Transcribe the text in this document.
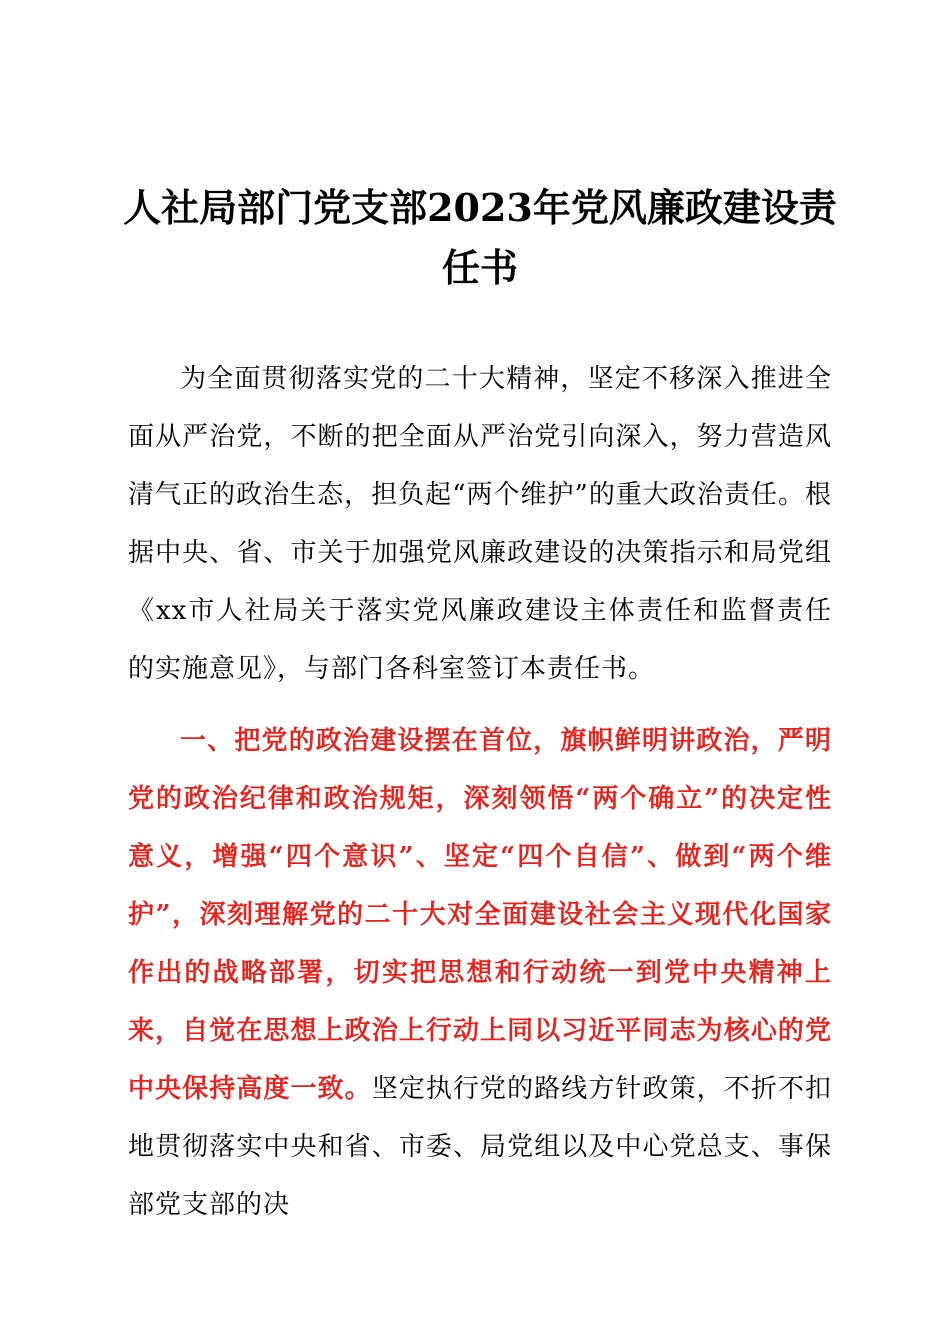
人社局部门党支部2023年党风廉政建设责任书

为全面贯彻落实党的二十大精神，坚定不移深入推进全面从严治党，不断的把全面从严治党引向深入，努力营造风清气正的政治生态，担负起“两个维护”的重大政治责任。根据中央、省、市关于加强党风廉政建设的决策指示和局党组《xx市人社局关于落实党风廉政建设主体责任和监督责任的实施意见》，与部门各科室签订本责任书。

一、把党的政治建设摆在首位，旗帜鲜明讲政治，严明党的政治纪律和政治规矩，深刻领悟“两个确立”的决定性意义，增强“四个意识”、坚定“四个自信”、做到“两个维护”，深刻理解党的二十大对全面建设社会主义现代化国家作出的战略部署，切实把思想和行动统一到党中央精神上来，自觉在思想上政治上行动上同以习近平同志为核心的党中央保持高度一致。坚定执行党的路线方针政策，不折不扣地贯彻落实中央和省、市委、局党组以及中心党总支、事保部党支部的决
